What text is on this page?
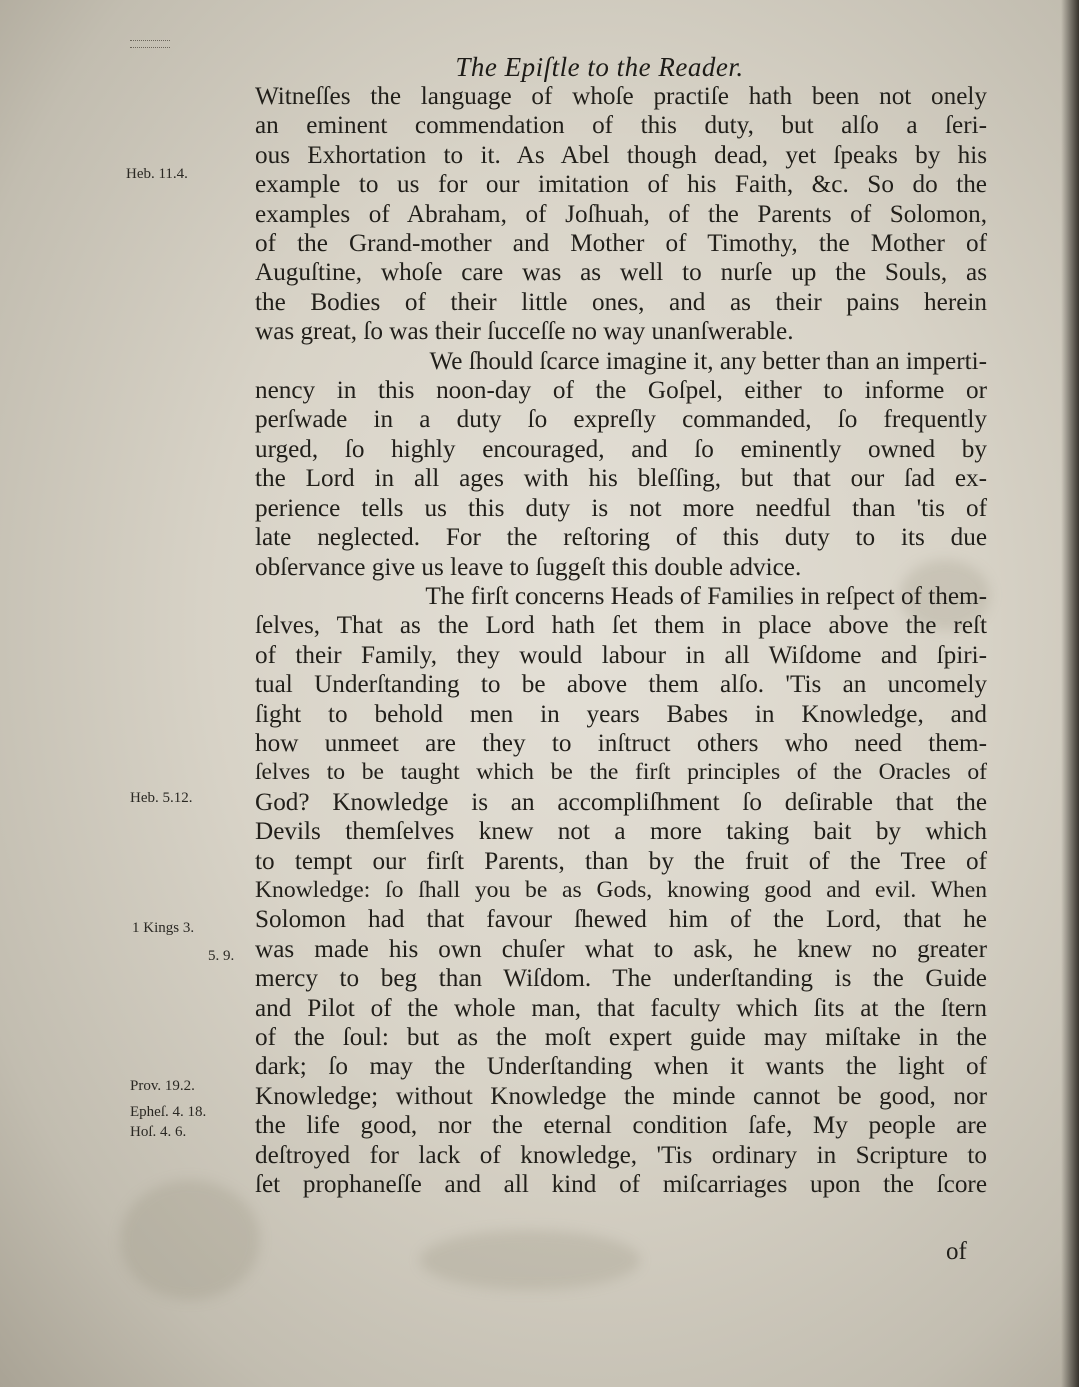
The Epiſtle to the Reader.
Witneſſes the language of whoſe practiſe hath been not onely
an eminent commendation of this duty, but alſo a ſeri-
ous Exhortation to it. As Abel though dead, yet ſpeaks by his
example to us for our imitation of his Faith, &c. So do the
examples of Abraham, of Joſhuah, of the Parents of Solomon,
of the Grand-mother and Mother of Timothy, the Mother of
Auguſtine, whoſe care was as well to nurſe up the Souls, as
the Bodies of their little ones, and as their pains herein
was great, ſo was their ſucceſſe no way unanſwerable.
We ſhould ſcarce imagine it, any better than an imperti-
nency in this noon-day of the Goſpel, either to informe or
perſwade in a duty ſo expreſly commanded, ſo frequently
urged, ſo highly encouraged, and ſo eminently owned by
the Lord in all ages with his bleſſing, but that our ſad ex-
perience tells us this duty is not more needful than 'tis of
late neglected. For the reſtoring of this duty to its due
obſervance give us leave to ſuggeſt this double advice.
The firſt concerns Heads of Families in reſpect of them-
ſelves, That as the Lord hath ſet them in place above the reſt
of their Family, they would labour in all Wiſdome and ſpiri-
tual Underſtanding to be above them alſo. 'Tis an uncomely
ſight to behold men in years Babes in Knowledge, and
how unmeet are they to inſtruct others who need them-
ſelves to be taught which be the firſt principles of the Oracles of
God? Knowledge is an accompliſhment ſo deſirable that the
Devils themſelves knew not a more taking bait by which
to tempt our firſt Parents, than by the fruit of the Tree of
Knowledge: ſo ſhall you be as Gods, knowing good and evil. When
Solomon had that favour ſhewed him of the Lord, that he
was made his own chuſer what to ask, he knew no greater
mercy to beg than Wiſdom. The underſtanding is the Guide
and Pilot of the whole man, that faculty which ſits at the ſtern
of the ſoul: but as the moſt expert guide may miſtake in the
dark; ſo may the Underſtanding when it wants the light of
Knowledge; without Knowledge the minde cannot be good, nor
the life good, nor the eternal condition ſafe, My people are
deſtroyed for lack of knowledge, 'Tis ordinary in Scripture to
ſet prophaneſſe and all kind of miſcarriages upon the ſcore
Heb. 11.4.
Heb. 5.12.
1 Kings 3.
5. 9.
Prov. 19.2.
Epheſ. 4. 18.
Hoſ. 4. 6.
of
